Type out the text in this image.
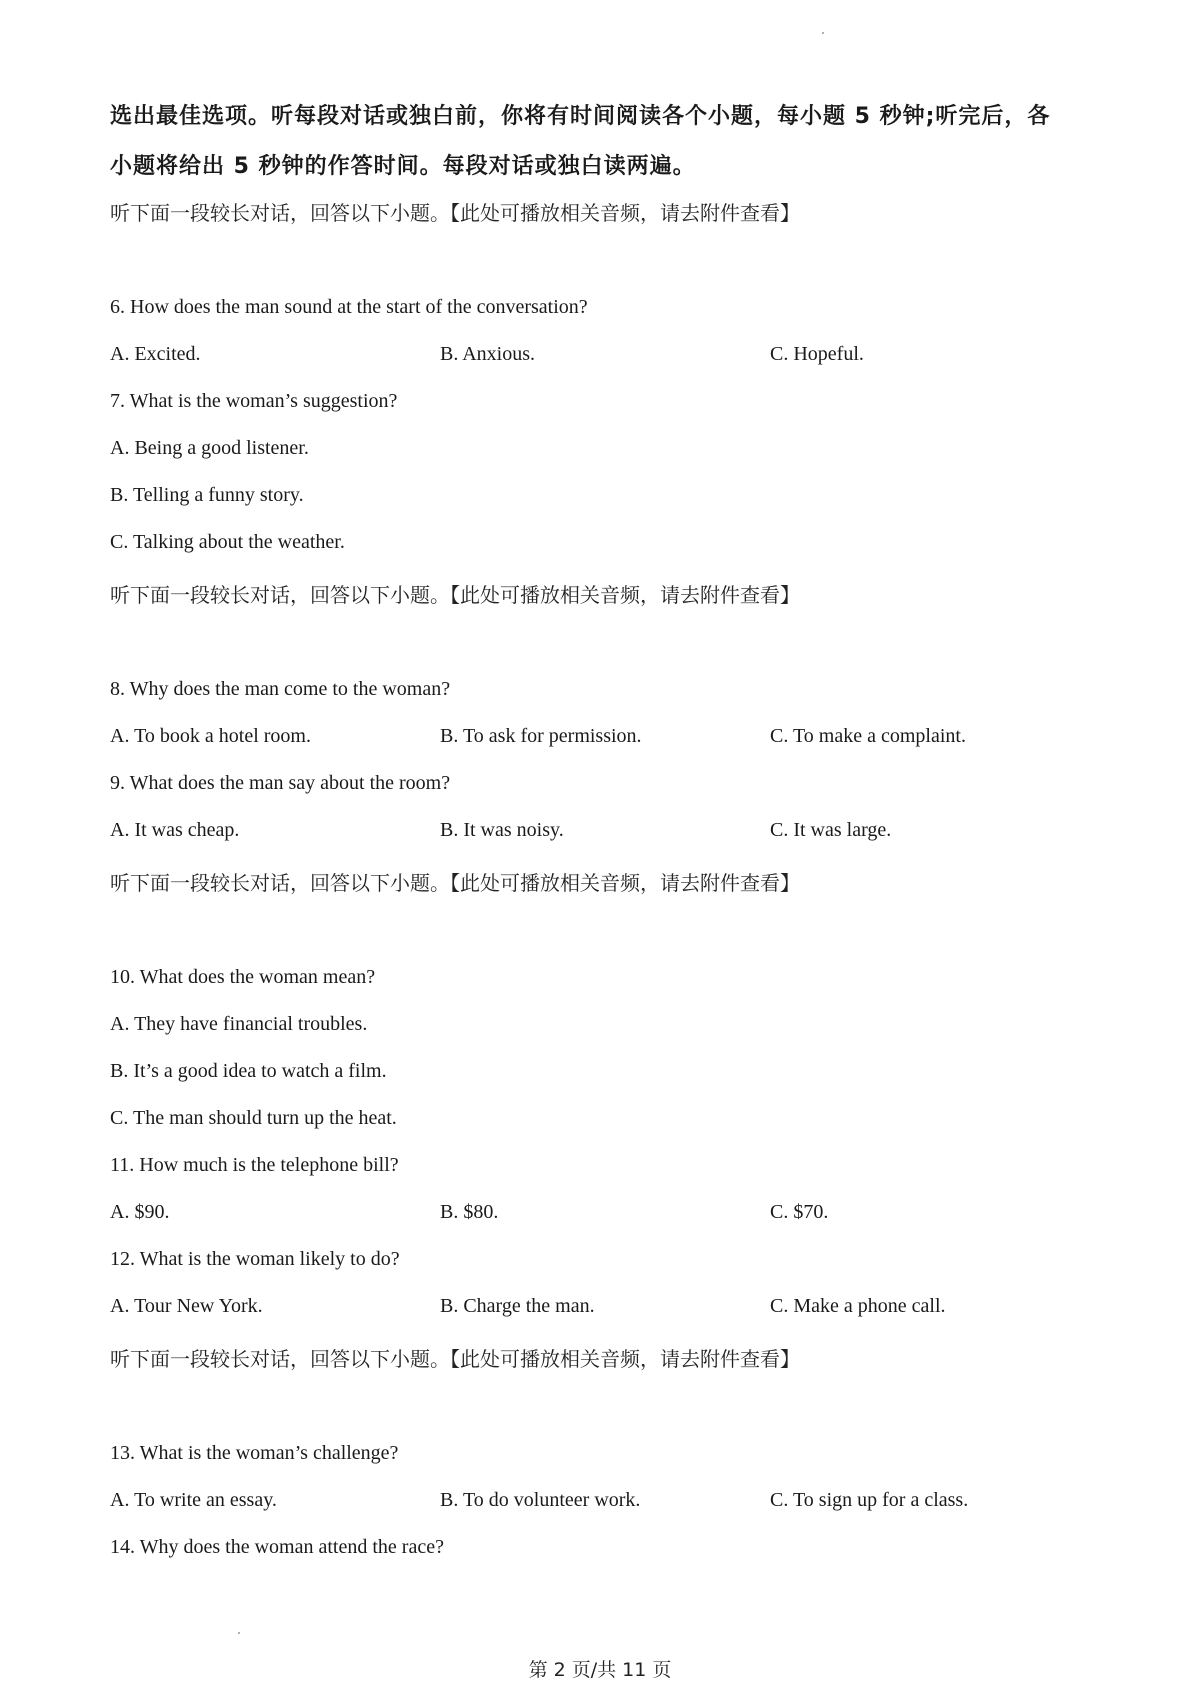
选出最佳选项。听每段对话或独白前，你将有时间阅读各个小题，每小题 5 秒钟;听完后，各

小题将给出 5 秒钟的作答时间。每段对话或独白读两遍。

听下面一段较长对话，回答以下小题。【此处可播放相关音频，请去附件查看】

6. How does the man sound at the start of the conversation?

A. Excited.	B. Anxious.	C. Hopeful.

7. What is the woman’s suggestion?

A. Being a good listener.
B. Telling a funny story.
C. Talking about the weather.

听下面一段较长对话，回答以下小题。【此处可播放相关音频，请去附件查看】

8. Why does the man come to the woman?

A. To book a hotel room.	B. To ask for permission.	C. To make a complaint.

9. What does the man say about the room?

A. It was cheap.	B. It was noisy.	C. It was large.

听下面一段较长对话，回答以下小题。【此处可播放相关音频，请去附件查看】

10. What does the woman mean?

A. They have financial troubles.
B. It’s a good idea to watch a film.
C. The man should turn up the heat.

11. How much is the telephone bill?

A. $90.	B. $80.	C. $70.

12. What is the woman likely to do?

A. Tour New York.	B. Charge the man.	C. Make a phone call.

听下面一段较长对话，回答以下小题。【此处可播放相关音频，请去附件查看】

13. What is the woman’s challenge?

A. To write an essay.	B. To do volunteer work.	C. To sign up for a class.

14. Why does the woman attend the race?

第 2 页/共 11 页
